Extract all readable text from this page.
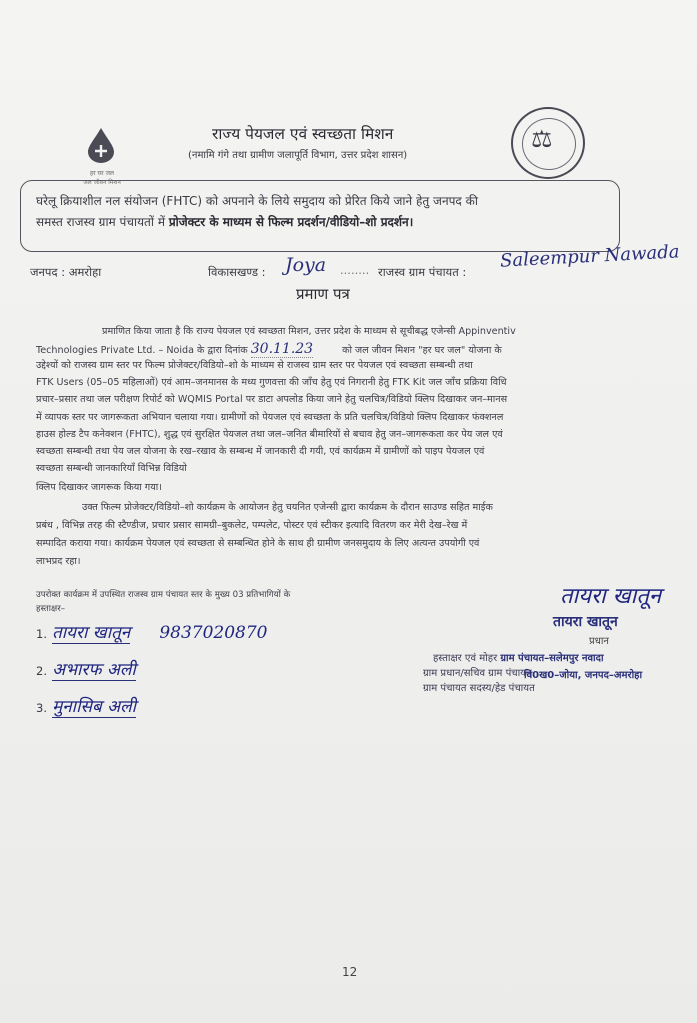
हर घर जल
जल जीवन मिशन
राज्य पेयजल एवं स्वच्छता मिशन
(नमामि गंगे तथा ग्रामीण जलापूर्ति विभाग, उत्तर प्रदेश शासन)
⚖
घरेलू क्रियाशील नल संयोजन (FHTC) को अपनाने के लिये समुदाय को प्रेरित किये जाने हेतु जनपद की
समस्त राजस्व ग्राम पंचायतों में प्रोजेक्टर के माध्यम से फिल्म प्रदर्शन/वीडियो–शो प्रदर्शन।
जनपद : अमरोहा	विकासखण्ड : Joya ........ राजस्व ग्राम पंचायत :
Saleempur Nawada
प्रमाण पत्र
प्रमाणित किया जाता है कि राज्य पेयजल एवं स्वच्छता मिशन, उत्तर प्रदेश के माध्यम से सूचीबद्ध एजेन्सी Appinventiv
Technologies Private Ltd. – Noida के द्वारा दिनांक 30.11.23	को जल जीवन मिशन "हर घर जल" योजना के
उद्देश्यों को राजस्व ग्राम स्तर पर फिल्म प्रोजेक्टर/विडियो–शो के माध्यम से राजस्व ग्राम स्तर पर पेयजल एवं स्वच्छता सम्बन्धी तथा
FTK Users (05–05 महिलाओं) एवं आम–जनमानस के मध्य गुणवत्ता की जाँच हेतु एवं निगरानी हेतु FTK Kit जल जाँच प्रक्रिया विधि
प्रचार–प्रसार तथा जल परीक्षण रिपोर्ट को WQMIS Portal पर डाटा अपलोड किया जाने हेतु चलचित्र/विडियो क्लिप दिखाकर जन–मानस
में व्यापक स्तर पर जागरूकता अभियान चलाया गया। ग्रामीणों को पेयजल एवं स्वच्छता के प्रति चलचित्र/विडियो क्लिप दिखाकर फंक्शनल
हाउस होल्ड टैप कनेक्शन (FHTC), शुद्ध एवं सुरक्षित पेयजल तथा जल–जनित बीमारियों से बचाव हेतु जन–जागरूकता कर पेय जल एवं
स्वच्छता सम्बन्धी तथा पेय जल योजना के रख–रखाव के सम्बन्ध में जानकारी दी गयी, एवं कार्यक्रम में ग्रामीणों को पाइप पेयजल एवं
स्वच्छता सम्बन्धी जानकारियाँ विभिन्न विडियो
क्लिप दिखाकर जागरूक किया गया।
उक्त फिल्म प्रोजेक्टर/विडियो–शो कार्यक्रम के आयोजन हेतु चयनित एजेन्सी द्वारा कार्यक्रम के दौरान साउण्ड सहित माईक
प्रबंध , विभिन्न तरह की स्टैण्डीज, प्रचार प्रसार सामग्री–बुकलेट, पम्पलेट, पोस्टर एवं स्टीकर इत्यादि वितरण कर मेरी देख–रेख में
सम्पादित कराया गया। कार्यक्रम पेयजल एवं स्वच्छता से सम्बन्धित होने के साथ ही ग्रामीण जनसमुदाय के लिए अत्यन्त उपयोगी एवं
लाभप्रद रहा।
उपरोक्त कार्यक्रम में उपस्थित राजस्व ग्राम पंचायत स्तर के मुख्य 03 प्रतिभागियों के
हस्ताक्षर–
1. तायरा खातून 9837020870
2. अभारफ अली
3. मुनासिब अली
तायरा खातून
तायरा खातून
प्रधान
हस्ताक्षर एवं मोहर ग्राम पंचायत–सलेमपुर नवादा
ग्राम प्रधान/सचिव ग्राम पंचायत
वि0ख0–जोया, जनपद–अमरोहा
ग्राम पंचायत सदस्य/हेड पंचायत
12
